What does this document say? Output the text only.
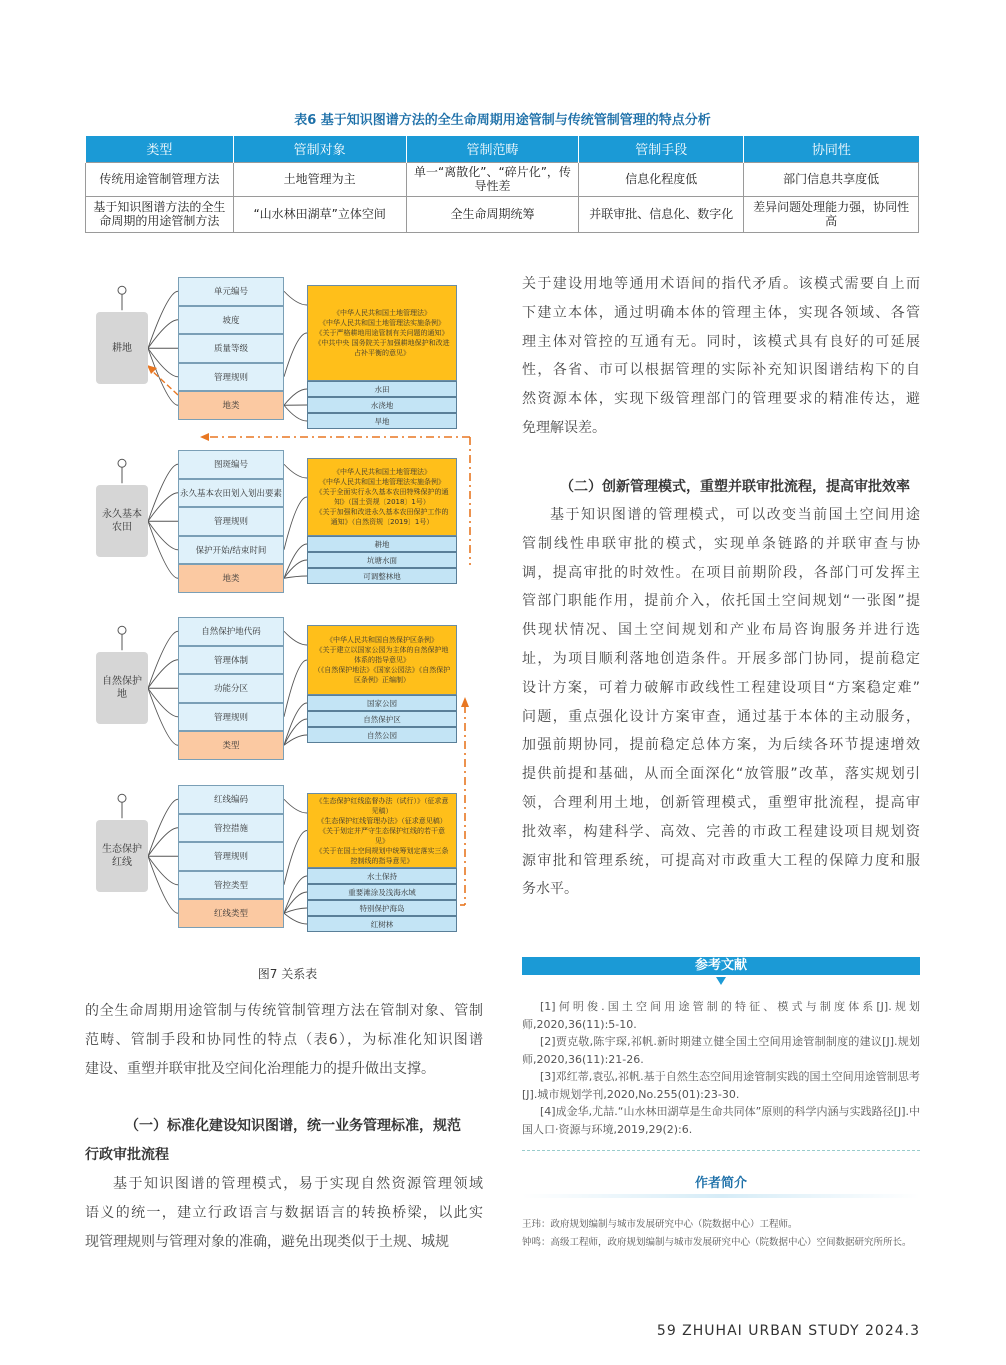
表6 基于知识图谱方法的全生命周期用途管制与传统管制管理的特点分析
类型	管制对象	管制范畴	管制手段	协同性
传统用途管制管理方法	土地管理为主	单一“离散化”、“碎片化”，传导性差	信息化程度低	部门信息共享度低
基于知识图谱方法的全生命周期的用途管制方法	“山水林田湖草”立体空间	全生命周期统筹	并联审批、信息化、数字化	差异问题处理能力强，协同性高
耕地
单元编号
坡度
质量等级
管理规则
地类
《中华人民共和国土地管理法》
《中华人民共和国土地管理法实施条例》
《关于严格耕地用途管制有关问题的通知》
《中共中央 国务院关于加强耕地保护和改进占补平衡的意见》
水田
水浇地
旱地
永久基本农田
图斑编号
永久基本农田划入划出要素
管理规则
保护开始/结束时间
地类
《中华人民共和国土地管理法》
《中华人民共和国土地管理法实施条例》
《关于全面实行永久基本农田特殊保护的通知》（国土资规〔2018〕1号）
《关于加强和改进永久基本农田保护工作的通知》（自然资规〔2019〕1号）
耕地
坑塘水面
可调整林地
自然保护地
自然保护地代码
管理体制
功能分区
管理规则
类型
《中华人民共和国自然保护区条例》
《关于建立以国家公园为主体的自然保护地体系的指导意见》
（《自然保护地法》《国家公园法》《自然保护区条例》正编制）
国家公园
自然保护区
自然公园
生态保护红线
红线编码
管控措施
管理规则
管控类型
红线类型
《生态保护红线监督办法（试行）》（征求意见稿）
《生态保护红线管理办法》（征求意见稿）
《关于划定并严守生态保护红线的若干意见》
《关于在国土空间规划中统筹划定落实三条控制线的指导意见》
水土保持
重要滩涂及浅海水域
特别保护海岛
红树林
图7 关系表
关于建设用地等通用术语间的指代矛盾。该模式需要自上而
下建立本体，通过明确本体的管理主体，实现各领域、各管
理主体对管控的互通有无。同时，该模式具有良好的可延展
性，各省、市可以根据管理的实际补充知识图谱结构下的自
然资源本体，实现下级管理部门的管理要求的精准传达，避
免理解误差。
（二）创新管理模式，重塑并联审批流程，提高审批效率
基于知识图谱的管理模式，可以改变当前国土空间用途
管制线性串联审批的模式，实现单条链路的并联审查与协
调，提高审批的时效性。在项目前期阶段，各部门可发挥主
管部门职能作用，提前介入，依托国土空间规划“一张图”提
供现状情况、国土空间规划和产业布局咨询服务并进行选
址，为项目顺利落地创造条件。开展多部门协同，提前稳定
设计方案，可着力破解市政线性工程建设项目“方案稳定难”
问题，重点强化设计方案审查，通过基于本体的主动服务，
加强前期协同，提前稳定总体方案，为后续各环节提速增效
提供前提和基础，从而全面深化“放管服”改革，落实规划引
领，合理利用土地，创新管理模式，重塑审批流程，提高审
批效率，构建科学、高效、完善的市政工程建设项目规划资
源审批和管理系统，可提高对市政重大工程的保障力度和服
务水平。
的全生命周期用途管制与传统管制管理方法在管制对象、管制
范畴、管制手段和协同性的特点（表6），为标准化知识图谱
建设、重塑并联审批及空间化治理能力的提升做出支撑。
（一）标准化建设知识图谱，统一业务管理标准，规范
行政审批流程
基于知识图谱的管理模式，易于实现自然资源管理领域
语义的统一，建立行政语言与数据语言的转换桥梁，以此实
现管理规则与管理对象的准确，避免出现类似于土规、城规
参考文献

[1]何明俊.国土空间用途管制的特征、模式与制度体系[J].规划师,2020,36(11):5-10.

[2]贾克敬,陈宇琛,祁帆.新时期建立健全国土空间用途管制制度的建议[J].规划师,2020,36(11):21-26.

[3]邓红蒂,袁弘,祁帆.基于自然生态空间用途管制实践的国土空间用途管制思考[J].城市规划学刊,2020,No.255(01):23-30.

[4]成金华,尤喆.“山水林田湖草是生命共同体”原则的科学内涵与实践路径[J].中国人口·资源与环境,2019,29(2):6.

作者简介
王玮：政府规划编制与城市发展研究中心（院数据中心）工程师。
钟鸣：高级工程师，政府规划编制与城市发展研究中心（院数据中心）空间数据研究所所长。
59 ZHUHAI URBAN STUDY 2024.3
